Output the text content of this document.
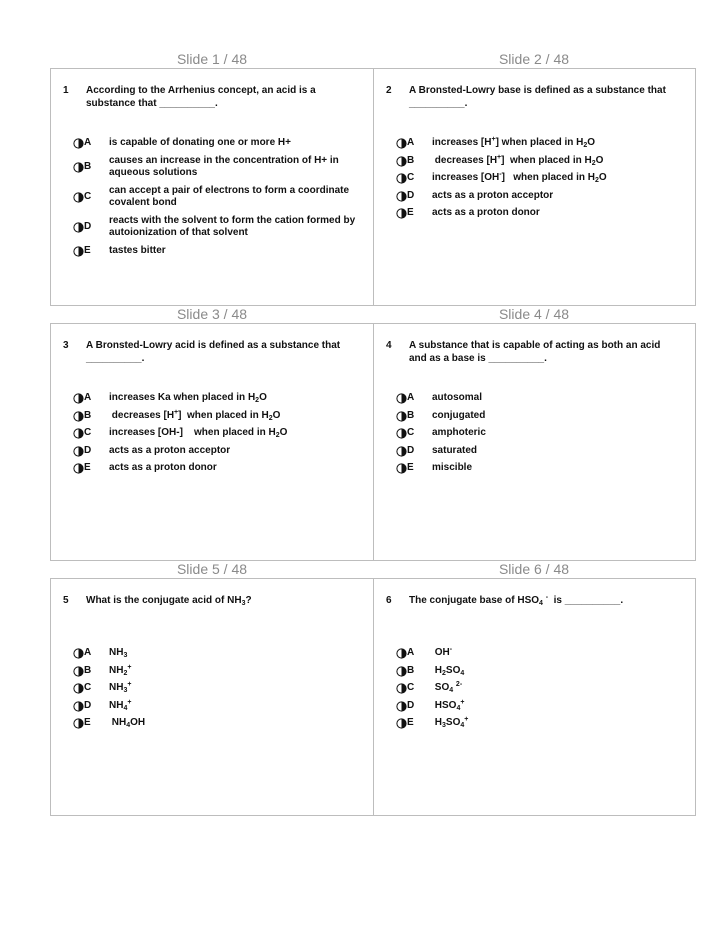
Slide 1 / 48	Slide 2 / 48
Slide 3 / 48	Slide 4 / 48
Slide 5 / 48	Slide 6 / 48
1 According to the Arrhenius concept, an acid is a substance that __________.
A is capable of donating one or more H+
B
causes an increase in the concentration of H+ in aqueous solutions
C
can accept a pair of electrons to form a coordinate covalent bond
D
reacts with the solvent to form the cation formed by autoionization of that solvent
E tastes bitter
2 A Bronsted-Lowry base is defined as a substance that __________.
A increases [H+] when placed in $H_2O$
B decreases [H+]  when placed in $H_2O$
C increases [OH-]   when placed in $H_2O$
D acts as a proton acceptor
E acts as a proton donor
3 A Bronsted-Lowry acid is defined as a substance that __________.
A increases Ka when placed in $H_2O$
B decreases [H+]  when placed in $H_2O$
C increases [OH-]    when placed in $H_2O$
D acts as a proton acceptor
E acts as a proton donor
4 A substance that is capable of acting as both an acid and as a base is __________.
A autosomal
B conjugated
C amphoteric
D saturated
E miscible
5 What is the conjugate acid of $NH_3$?
A $NH_3$
B $NH_2^+$
C $NH_3^+$
D $NH_4^+$
E $NH_4OH$
6 The conjugate base of $HSO_4$ -  is __________.
A OH-
B $H_2SO_4$
C $SO_4$ $^{2-}$
D $HSO_4^+$
E $H_3SO_4^+$
